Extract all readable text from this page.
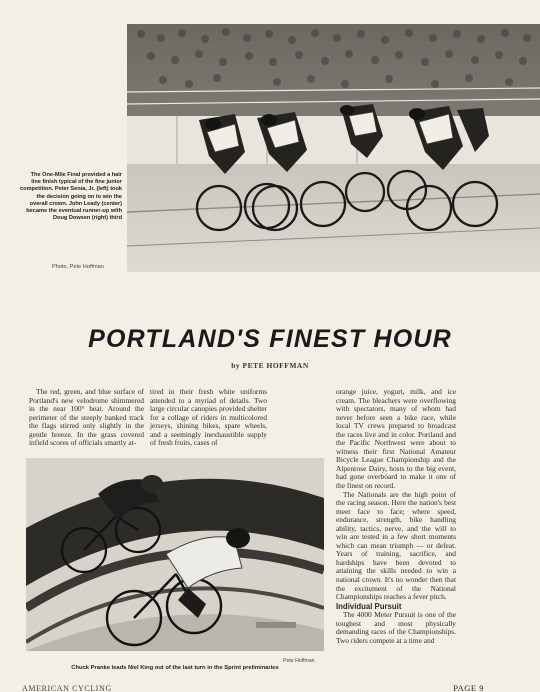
The One-Mile Final provided a hair line finish typical of the fine junior competition. Peter Senia, Jr. (left) took the decision going on to win the overall crown. John Leady (center) became the eventual runner-up with Doug Dowsen (right) third
Photo, Pete Hoffman
PORTLAND'S FINEST HOUR
by PETE HOFFMAN

The red, green, and blue surface of Portland's new velodrome shimmered in the near 100° heat. Around the perimeter of the steeply banked track the flags stirred only slightly in the gentle breeze. In the grass covered infield scores of officials smartly at-

tired in their fresh white uniforms attended to a myriad of details. Two large circular canopies provided shelter for a collage of riders in multicolored jerseys, shining bikes, spare wheels, and a seemingly inexhaustible supply of fresh fruits, cases of

orange juice, yogurt, milk, and ice cream. The bleachers were overflowing with spectators, many of whom had never before seen a bike race, while local TV crews prepared to broadcast the races live and in color. Portland and the Pacific Northwest were about to witness their first National Amateur Bicycle League Championship and the Alpenrose Dairy, hosts to the big event, had gone overboard to make it one of the finest on record.

The Nationals are the high point of the racing season. Here the nation's best meet face to face; where speed, endurance, strength, bike handling ability, tactics, nerve, and the will to win are tested in a few short moments which can mean triumph — or defeat. Years of training, sacrifice, and hardships have been devoted to attaining the skills needed to win a national crown. It's no wonder then that the excitement of the National Championships reaches a fever pitch.

Individual Pursuit

The 4000 Meter Pursuit is one of the toughest and most physically demanding races of the Championships. Two riders compete at a time and

Pete Hoffman
Chuck Pranke leads Niel King out of the last turn in the Sprint preliminaries
AMERICAN CYCLING	PAGE 9
